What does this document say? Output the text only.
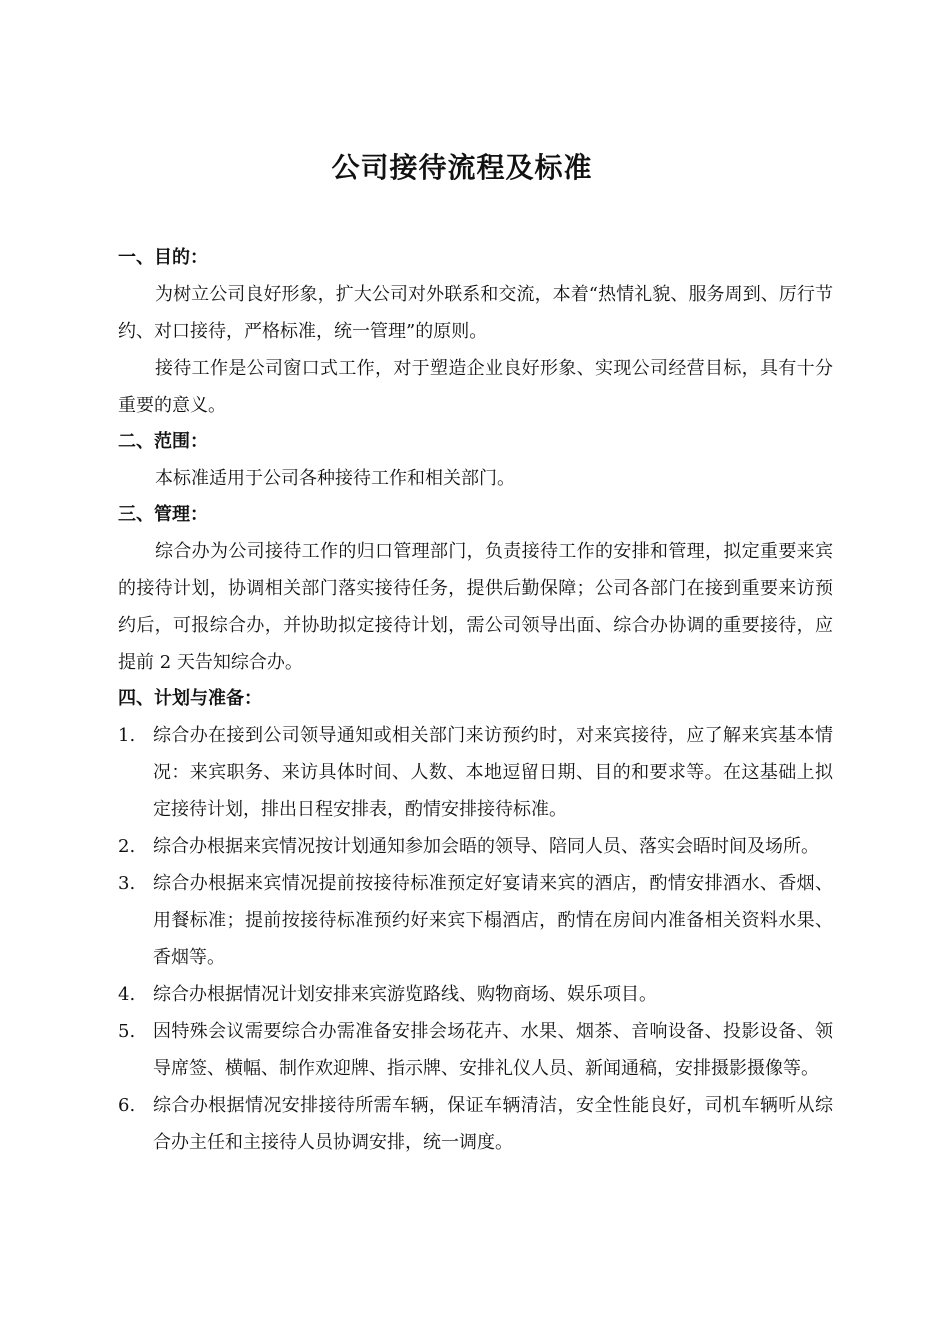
公司接待流程及标准
一、目的：
为树立公司良好形象，扩大公司对外联系和交流，本着“热情礼貌、服务周到、厉行节约、对口接待，严格标准，统一管理”的原则。
接待工作是公司窗口式工作，对于塑造企业良好形象、实现公司经营目标，具有十分重要的意义。
二、范围：
本标准适用于公司各种接待工作和相关部门。
三、管理：
综合办为公司接待工作的归口管理部门，负责接待工作的安排和管理，拟定重要来宾的接待计划，协调相关部门落实接待任务，提供后勤保障；公司各部门在接到重要来访预约后，可报综合办，并协助拟定接待计划，需公司领导出面、综合办协调的重要接待，应提前 2 天告知综合办。
四、计划与准备：
1. 综合办在接到公司领导通知或相关部门来访预约时，对来宾接待，应了解来宾基本情况：来宾职务、来访具体时间、人数、本地逗留日期、目的和要求等。在这基础上拟定接待计划，排出日程安排表，酌情安排接待标准。
2. 综合办根据来宾情况按计划通知参加会晤的领导、陪同人员、落实会晤时间及场所。
3. 综合办根据来宾情况提前按接待标准预定好宴请来宾的酒店，酌情安排酒水、香烟、用餐标准；提前按接待标准预约好来宾下榻酒店，酌情在房间内准备相关资料水果、香烟等。
4. 综合办根据情况计划安排来宾游览路线、购物商场、娱乐项目。
5. 因特殊会议需要综合办需准备安排会场花卉、水果、烟茶、音响设备、投影设备、领导席签、横幅、制作欢迎牌、指示牌、安排礼仪人员、新闻通稿，安排摄影摄像等。
6. 综合办根据情况安排接待所需车辆，保证车辆清洁，安全性能良好，司机车辆听从综合办主任和主接待人员协调安排，统一调度。
